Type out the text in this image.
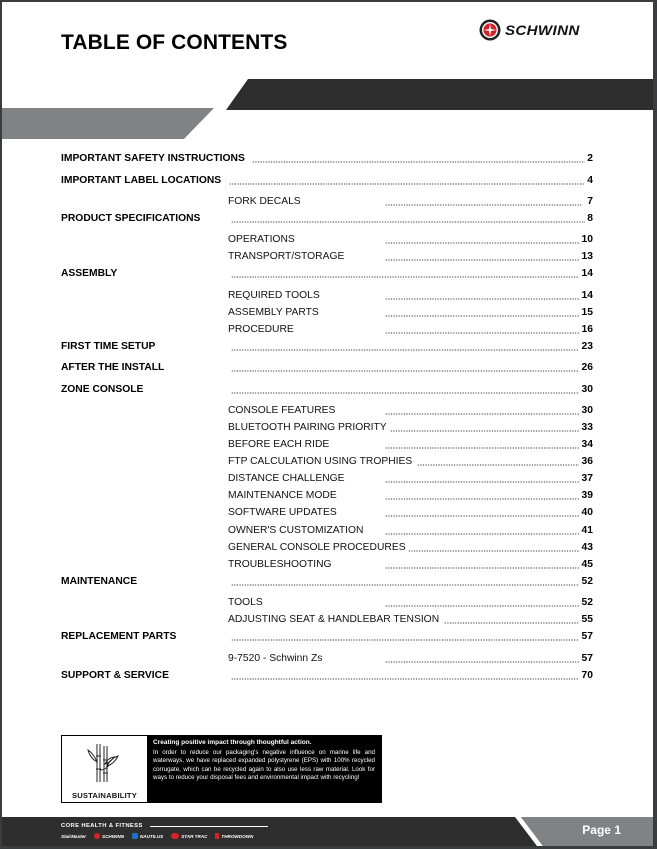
TABLE OF CONTENTS
SCHWINN
IMPORTANT SAFETY INSTRUCTIONS	2
IMPORTANT LABEL LOCATIONS	4
FORK DECALS	7
PRODUCT SPECIFICATIONS	8
OPERATIONS	10
TRANSPORT/STORAGE	13
ASSEMBLY	14
REQUIRED TOOLS	14
ASSEMBLY PARTS	15
PROCEDURE	16
FIRST TIME SETUP	23
AFTER THE INSTALL	26
ZONE CONSOLE	30
CONSOLE FEATURES	30
BLUETOOTH PAIRING PRIORITY	33
BEFORE EACH RIDE	34
FTP CALCULATION USING TROPHIES	36
DISTANCE CHALLENGE	37
MAINTENANCE MODE	39
SOFTWARE UPDATES	40
OWNER'S CUSTOMIZATION	41
GENERAL CONSOLE PROCEDURES	43
TROUBLESHOOTING	45
MAINTENANCE	52
TOOLS	52
ADJUSTING SEAT & HANDLEBAR TENSION	55
REPLACEMENT PARTS	57
9-7520 - Schwinn Zs	57
SUPPORT & SERVICE	70
SUSTAINABILITY
Creating positive impact through thoughtful action.
In order to reduce our packaging's negative influence on marine life and waterways, we have replaced expanded polystyrene (EPS) with 100% recycled corrugate, which can be recycled again to also use less raw material. Look for ways to reduce your disposal fees and environmental impact with recycling!
CORE HEALTH & FITNESS
StairMaster	SCHWINN	NAUTILUS	STAR TRAC	THROWDOWN	Page 1
